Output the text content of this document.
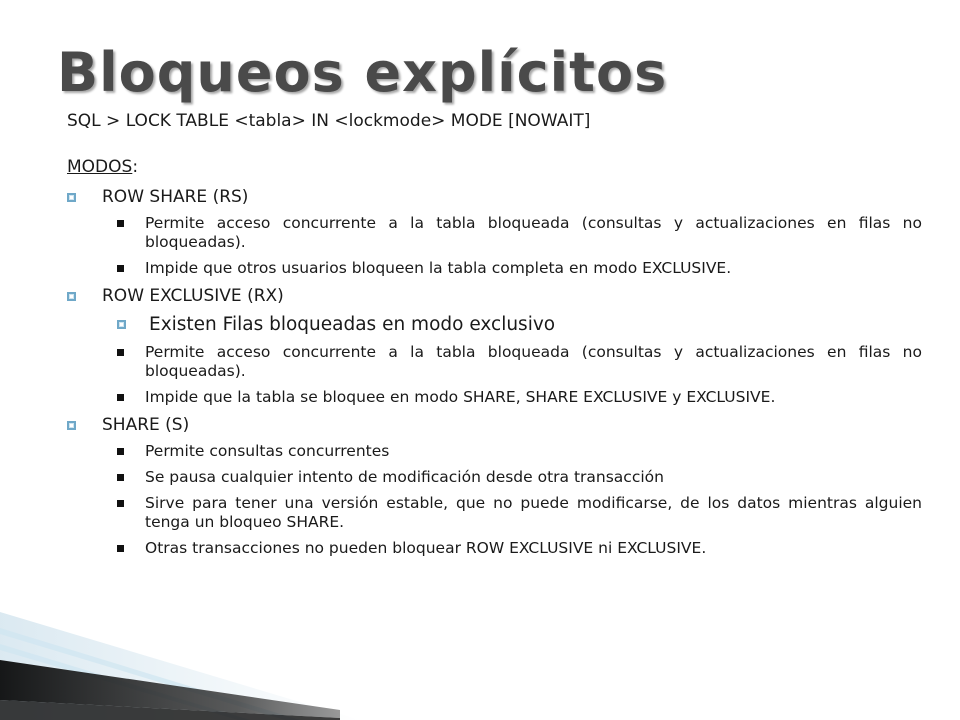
Bloqueos explícitos

SQL > LOCK TABLE <tabla> IN <lockmode> MODE [NOWAIT]

MODOS:

ROW SHARE (RS)
Permite acceso concurrente a la tabla bloqueada (consultas y actualizaciones en filas no bloqueadas).
Impide que otros usuarios bloqueen la tabla completa en modo EXCLUSIVE.
ROW EXCLUSIVE (RX)
Existen Filas bloqueadas en modo exclusivo
Permite acceso concurrente a la tabla bloqueada (consultas y actualizaciones en filas no bloqueadas).
Impide que la tabla se bloquee en modo SHARE, SHARE EXCLUSIVE y EXCLUSIVE.
SHARE (S)
Permite consultas concurrentes
Se pausa cualquier intento de modificación desde otra transacción
Sirve para tener una versión estable, que no puede modificarse, de los datos mientras alguien tenga un bloqueo SHARE.
Otras transacciones no pueden bloquear ROW EXCLUSIVE ni EXCLUSIVE.
